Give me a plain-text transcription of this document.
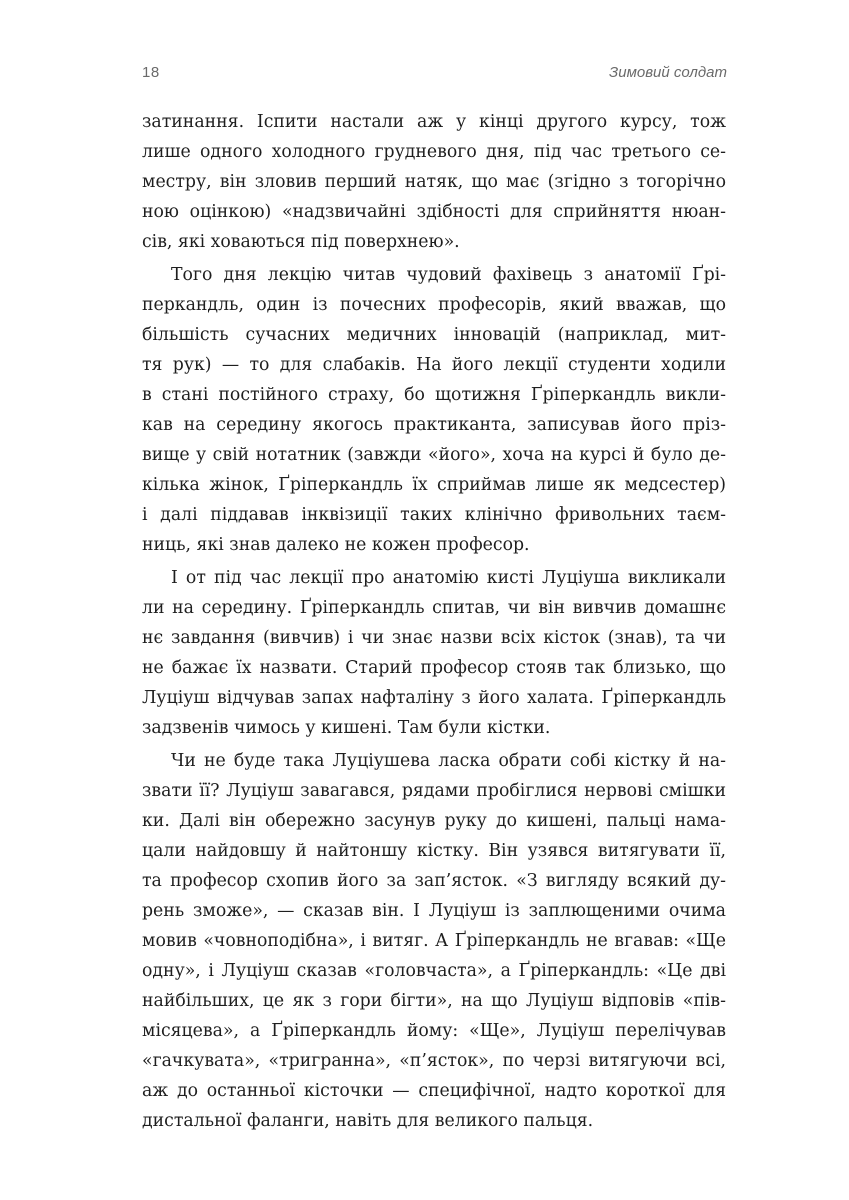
18	Зимовий солдат
затинання. Іспити настали аж у кінці другого курсу, тож
лише одного холодного грудневого дня, під час третього се-
местру, він зловив перший натяк, що має (згідно з тогорічно
ною оцінкою) «надзвичайні здібності для сприйняття нюан-
сів, які ховаються під поверхнею».
Того дня лекцію читав чудовий фахівець з анатомії Ґрі-
перкандль, один із почесних професорів, який вважав, що
більшість сучасних медичних інновацій (наприклад, мит-
тя рук) — то для слабаків. На його лекції студенти ходили
в стані постійного страху, бо щотижня Ґріперкандль викли-
кав на середину якогось практиканта, записував його пріз-
вище у свій нотатник (завжди «його», хоча на курсі й було де-
кілька жінок, Ґріперкандль їх сприймав лише як медсестер)
і далі піддавав інквізиції таких клінічно фривольних таєм-
ниць, які знав далеко не кожен професор.
І от під час лекції про анатомію кисті Луціуша викликали
ли на середину. Ґріперкандль спитав, чи він вивчив домашнє
нє завдання (вивчив) і чи знає назви всіх кісток (знав), та чи
не бажає їх назвати. Старий професор стояв так близько, що
Луціуш відчував запах нафталіну з його халата. Ґріперкандль
задзвенів чимось у кишені. Там були кістки.
Чи не буде така Луціушева ласка обрати собі кістку й на-
звати її? Луціуш завагався, рядами пробіглися нервові смішки
ки. Далі він обережно засунув руку до кишені, пальці нама-
цали найдовшу й найтоншу кістку. Він узявся витягувати її,
та професор схопив його за зап’ясток. «З вигляду всякий ду-
рень зможе», — сказав він. І Луціуш із заплющеними очима
мовив «човноподібна», і витяг. А Ґріперкандль не вгавав: «Ще
одну», і Луціуш сказав «головчаста», а Ґріперкандль: «Це дві
найбільших, це як з гори бігти», на що Луціуш відповів «пів-
місяцева», а Ґріперкандль йому: «Ще», Луціуш перелічував
«гачкувата», «тригранна», «п’ясток», по черзі витягуючи всі,
аж до останньої кісточки — специфічної, надто короткої для
дистальної фаланги, навіть для великого пальця.
